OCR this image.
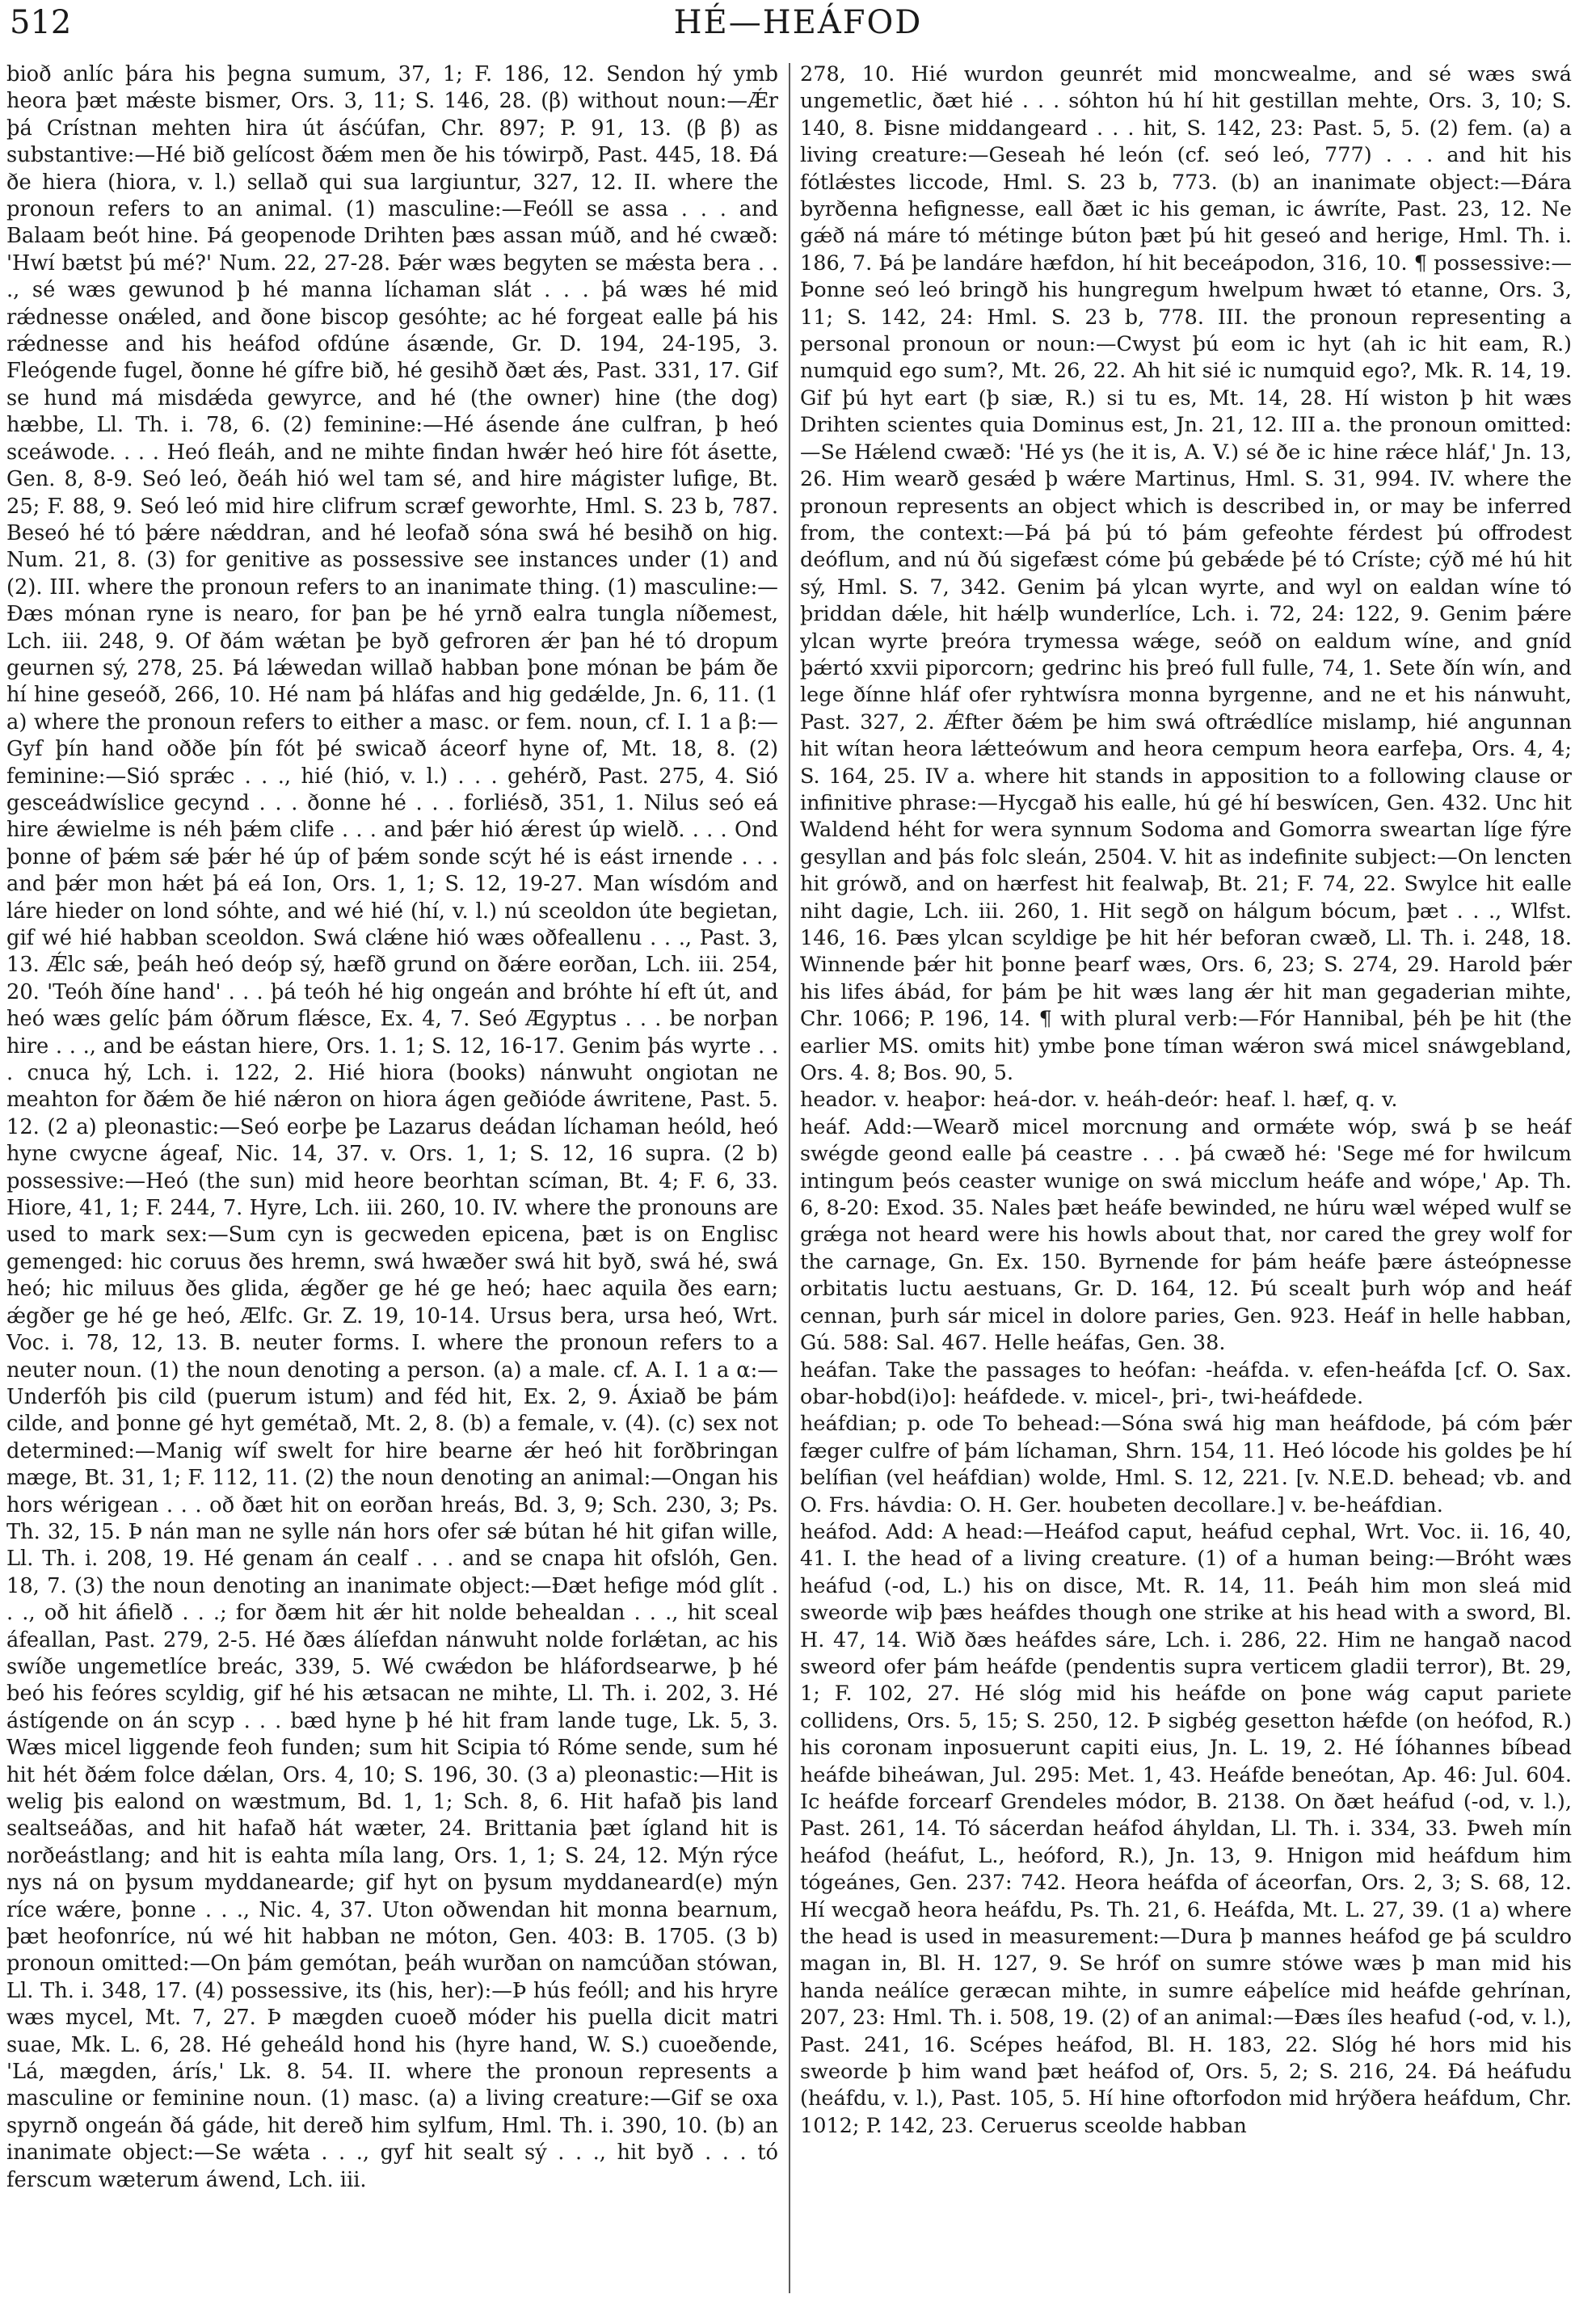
512	HÉ—HEÁFOD

bioð anlíc þára his þegna sumum, 37, 1; F. 186, 12. Sendon hý ymb heora þæt mǽste bismer, Ors. 3, 11; S. 146, 28. (β) without noun:—Ǽr þá Crístnan mehten hira út ásćúfan, Chr. 897; P. 91, 13. (β β) as substantive:—Hé bið gelícost ðǽm men ðe his tówirpð, Past. 445, 18. Ðá ðe hiera (hiora, v. l.) sellað qui sua largiuntur, 327, 12. II. where the pronoun refers to an animal. (1) masculine:—Feóll se assa . . . and Balaam beót hine. Þá geopenode Drihten þæs assan múð, and hé cwæð: 'Hwí bætst þú mé?' Num. 22, 27-28. Þǽr wæs begyten se mǽsta bera . . ., sé wæs gewunod þ hé manna líchaman slát . . . þá wæs hé mid rǽdnesse onǽled, and ðone biscop gesóhte; ac hé forgeat ealle þá his rǽdnesse and his heáfod ofdúne ásænde, Gr. D. 194, 24-195, 3. Fleógende fugel, ðonne hé gífre bið, hé gesihð ðæt ǽs, Past. 331, 17. Gif se hund má misdǽda gewyrce, and hé (the owner) hine (the dog) hæbbe, Ll. Th. i. 78, 6. (2) feminine:—Hé ásende áne culfran, þ heó sceáwode. . . . Heó fleáh, and ne mihte findan hwǽr heó hire fót ásette, Gen. 8, 8-9. Seó leó, ðeáh hió wel tam sé, and hire mágister lufige, Bt. 25; F. 88, 9. Seó leó mid hire clifrum scræf geworhte, Hml. S. 23 b, 787. Beseó hé tó þǽre nǽddran, and hé leofað sóna swá hé besihð on hig. Num. 21, 8. (3) for genitive as possessive see instances under (1) and (2). III. where the pronoun refers to an inanimate thing. (1) masculine:—Ðæs mónan ryne is nearo, for þan þe hé yrnð ealra tungla níðemest, Lch. iii. 248, 9. Of ðám wǽtan þe byð gefroren ǽr þan hé tó dropum geurnen sý, 278, 25. Þá lǽwedan willað habban þone mónan be þám ðe hí hine geseóð, 266, 10. Hé nam þá hláfas and hig gedǽlde, Jn. 6, 11. (1 a) where the pronoun refers to either a masc. or fem. noun, cf. I. 1 a β:—Gyf þín hand oððe þín fót þé swicað áceorf hyne of, Mt. 18, 8. (2) feminine:—Sió sprǽc . . ., hié (hió, v. l.) . . . gehérð, Past. 275, 4. Sió gesceádwíslice gecynd . . . ðonne hé . . . forliésð, 351, 1. Nilus seó eá hire ǽwielme is néh þǽm clife . . . and þǽr hió ǽrest úp wielð. . . . Ond þonne of þǽm sǽ þǽr hé úp of þǽm sonde scýt hé is eást irnende . . . and þǽr mon hǽt þá eá Ion, Ors. 1, 1; S. 12, 19-27. Man wísdóm and láre hieder on lond sóhte, and wé hié (hí, v. l.) nú sceoldon úte begietan, gif wé hié habban sceoldon. Swá clǽne hió wæs oðfeallenu . . ., Past. 3, 13. Ǽlc sǽ, þeáh heó deóp sý, hæfð grund on ðǽre eorðan, Lch. iii. 254, 20. 'Teóh ðíne hand' . . . þá teóh hé hig ongeán and bróhte hí eft út, and heó wæs gelíc þám óðrum flǽsce, Ex. 4, 7. Seó Ægyptus . . . be norþan hire . . ., and be eástan hiere, Ors. 1. 1; S. 12, 16-17. Genim þás wyrte . . . cnuca hý, Lch. i. 122, 2. Hié hiora (books) nánwuht ongiotan ne meahton for ðǽm ðe hié nǽron on hiora ágen geðióde áwritene, Past. 5. 12. (2 a) pleonastic:—Seó eorþe þe Lazarus deádan líchaman heóld, heó hyne cwycne ágeaf, Nic. 14, 37. v. Ors. 1, 1; S. 12, 16 supra. (2 b) possessive:—Heó (the sun) mid heore beorhtan scíman, Bt. 4; F. 6, 33. Hiore, 41, 1; F. 244, 7. Hyre, Lch. iii. 260, 10. IV. where the pronouns are used to mark sex:—Sum cyn is gecweden epicena, þæt is on Englisc gemenged: hic coruus ðes hremn, swá hwæðer swá hit byð, swá hé, swá heó; hic miluus ðes glida, ǽgðer ge hé ge heó; haec aquila ðes earn; ǽgðer ge hé ge heó, Ælfc. Gr. Z. 19, 10-14. Ursus bera, ursa heó, Wrt. Voc. i. 78, 12, 13. B. neuter forms. I. where the pronoun refers to a neuter noun. (1) the noun denoting a person. (a) a male. cf. A. I. 1 a α:—Underfóh þis cild (puerum istum) and féd hit, Ex. 2, 9. Áxiað be þám cilde, and þonne gé hyt gemétað, Mt. 2, 8. (b) a female, v. (4). (c) sex not determined:—Manig wíf swelt for hire bearne ǽr heó hit forðbringan mæge, Bt. 31, 1; F. 112, 11. (2) the noun denoting an animal:—Ongan his hors wérigean . . . oð ðæt hit on eorðan hreás, Bd. 3, 9; Sch. 230, 3; Ps. Th. 32, 15. Þ nán man ne sylle nán hors ofer sǽ bútan hé hit gifan wille, Ll. Th. i. 208, 19. Hé genam án cealf . . . and se cnapa hit ofslóh, Gen. 18, 7. (3) the noun denoting an inanimate object:—Ðæt hefige mód glít . . ., oð hit áfielð . . .; for ðæm hit ǽr hit nolde behealdan . . ., hit sceal áfeallan, Past. 279, 2-5. Hé ðæs álíefdan nánwuht nolde forlǽtan, ac his swíðe ungemetlíce breác, 339, 5. Wé cwǽdon be hláfordsearwe, þ hé beó his feóres scyldig, gif hé his ætsacan ne mihte, Ll. Th. i. 202, 3. Hé ástígende on án scyp . . . bæd hyne þ hé hit fram lande tuge, Lk. 5, 3. Wæs micel liggende feoh funden; sum hit Scipia tó Róme sende, sum hé hit hét ðǽm folce dǽlan, Ors. 4, 10; S. 196, 30. (3 a) pleonastic:—Hit is welig þis ealond on wæstmum, Bd. 1, 1; Sch. 8, 6. Hit hafað þis land sealtseáðas, and hit hafað hát wæter, 24. Brittania þæt ígland hit is norðeástlang; and hit is eahta míla lang, Ors. 1, 1; S. 24, 12. Mýn rýce nys ná on þysum myddanearde; gif hyt on þysum myddaneard(e) mýn ríce wǽre, þonne . . ., Nic. 4, 37. Uton oðwendan hit monna bearnum, þæt heofonríce, nú wé hit habban ne móton, Gen. 403: B. 1705. (3 b) pronoun omitted:—On þám gemótan, þeáh wurðan on namcúðan stówan, Ll. Th. i. 348, 17. (4) possessive, its (his, her):—Þ hús feóll; and his hryre wæs mycel, Mt. 7, 27. Þ mægden cuoeð móder his puella dicit matri suae, Mk. L. 6, 28. Hé geheáld hond his (hyre hand, W. S.) cuoeðende, 'Lá, mægden, árís,' Lk. 8. 54. II. where the pronoun represents a masculine or feminine noun. (1) masc. (a) a living creature:—Gif se oxa spyrnð ongeán ðá gáde, hit dereð him sylfum, Hml. Th. i. 390, 10. (b) an inanimate object:—Se wǽta . . ., gyf hit sealt sý . . ., hit byð . . . tó ferscum wæterum áwend, Lch. iii.

278, 10. Hié wurdon geunrét mid moncwealme, and sé wæs swá ungemetlic, ðæt hié . . . sóhton hú hí hit gestillan mehte, Ors. 3, 10; S. 140, 8. Þisne middangeard . . . hit, S. 142, 23: Past. 5, 5. (2) fem. (a) a living creature:—Geseah hé león (cf. seó leó, 777) . . . and hit his fótlǽstes liccode, Hml. S. 23 b, 773. (b) an inanimate object:—Ðára byrðenna hefignesse, eall ðæt ic his geman, ic áwríte, Past. 23, 12. Ne gǽð ná máre tó métinge búton þæt þú hit geseó and herige, Hml. Th. i. 186, 7. Þá þe landáre hæfdon, hí hit beceápodon, 316, 10. ¶ possessive:—Þonne seó leó bringð his hungregum hwelpum hwæt tó etanne, Ors. 3, 11; S. 142, 24: Hml. S. 23 b, 778. III. the pronoun representing a personal pronoun or noun:—Cwyst þú eom ic hyt (ah ic hit eam, R.) numquid ego sum?, Mt. 26, 22. Ah hit sié ic numquid ego?, Mk. R. 14, 19. Gif þú hyt eart (þ siæ, R.) si tu es, Mt. 14, 28. Hí wiston þ hit wæs Drihten scientes quia Dominus est, Jn. 21, 12. III a. the pronoun omitted:—Se Hǽlend cwæð: 'Hé ys (he it is, A. V.) sé ðe ic hine rǽce hláf,' Jn. 13, 26. Him wearð gesǽd þ wǽre Martinus, Hml. S. 31, 994. IV. where the pronoun represents an object which is described in, or may be inferred from, the context:—Þá þá þú tó þám gefeohte férdest þú offrodest deóflum, and nú ðú sigefæst cóme þú gebǽde þé tó Críste; cýð mé hú hit sý, Hml. S. 7, 342. Genim þá ylcan wyrte, and wyl on ealdan wíne tó þriddan dǽle, hit hǽlþ wunderlíce, Lch. i. 72, 24: 122, 9. Genim þǽre ylcan wyrte þreóra trymessa wǽge, seóð on ealdum wíne, and gníd þǽrtó xxvii piporcorn; gedrinc his þreó full fulle, 74, 1. Sete ðín wín, and lege ðínne hláf ofer ryhtwísra monna byrgenne, and ne et his nánwuht, Past. 327, 2. Ǽfter ðǽm þe him swá oftrǽdlíce mislamp, hié angunnan hit wítan heora lǽtteówum and heora cempum heora earfeþa, Ors. 4, 4; S. 164, 25. IV a. where hit stands in apposition to a following clause or infinitive phrase:—Hycgað his ealle, hú gé hí beswícen, Gen. 432. Unc hit Waldend héht for wera synnum Sodoma and Gomorra sweartan líge fýre gesyllan and þás folc sleán, 2504. V. hit as indefinite subject:—On lencten hit grówð, and on hærfest hit fealwaþ, Bt. 21; F. 74, 22. Swylce hit ealle niht dagie, Lch. iii. 260, 1. Hit segð on hálgum bócum, þæt . . ., Wlfst. 146, 16. Þæs ylcan scyldige þe hit hér beforan cwæð, Ll. Th. i. 248, 18. Winnende þǽr hit þonne þearf wæs, Ors. 6, 23; S. 274, 29. Harold þǽr his lifes ábád, for þám þe hit wæs lang ǽr hit man gegaderian mihte, Chr. 1066; P. 196, 14. ¶ with plural verb:—Fór Hannibal, þéh þe hit (the earlier MS. omits hit) ymbe þone tíman wǽron swá micel snáwgebland, Ors. 4. 8; Bos. 90, 5.

heador. v. heaþor: heá-dor. v. heáh-deór: heaf. l. hæf, q. v.

heáf. Add:—Wearð micel morcnung and ormǽte wóp, swá þ se heáf swégde geond ealle þá ceastre . . . þá cwæð hé: 'Sege mé for hwilcum intingum þeós ceaster wunige on swá micclum heáfe and wópe,' Ap. Th. 6, 8-20: Exod. 35. Nales þæt heáfe bewinded, ne húru wæl wéped wulf se grǽga not heard were his howls about that, nor cared the grey wolf for the carnage, Gn. Ex. 150. Byrnende for þám heáfe þære ásteópnesse orbitatis luctu aestuans, Gr. D. 164, 12. Þú scealt þurh wóp and heáf cennan, þurh sár micel in dolore paries, Gen. 923. Heáf in helle habban, Gú. 588: Sal. 467. Helle heáfas, Gen. 38.

heáfan. Take the passages to heófan: -heáfda. v. efen-heáfda [cf. O. Sax. obar-hobd(i)o]: heáfdede. v. micel-, þri-, twi-heáfdede.

heáfdian; p. ode To behead:—Sóna swá hig man heáfdode, þá cóm þǽr fæger culfre of þám líchaman, Shrn. 154, 11. Heó lócode his goldes þe hí belífian (vel heáfdian) wolde, Hml. S. 12, 221. [v. N.E.D. behead; vb. and O. Frs. hávdia: O. H. Ger. houbeten decollare.] v. be-heáfdian.

heáfod. Add: A head:—Heáfod caput, heáfud cephal, Wrt. Voc. ii. 16, 40, 41. I. the head of a living creature. (1) of a human being:—Bróht wæs heáfud (-od, L.) his on disce, Mt. R. 14, 11. Þeáh him mon sleá mid sweorde wiþ þæs heáfdes though one strike at his head with a sword, Bl. H. 47, 14. Wið ðæs heáfdes sáre, Lch. i. 286, 22. Him ne hangað nacod sweord ofer þám heáfde (pendentis supra verticem gladii terror), Bt. 29, 1; F. 102, 27. Hé slóg mid his heáfde on þone wág caput pariete collidens, Ors. 5, 15; S. 250, 12. Þ sigbég gesetton hǽfde (on heófod, R.) his coronam inposuerunt capiti eius, Jn. L. 19, 2. Hé Íóhannes bíbead heáfde biheáwan, Jul. 295: Met. 1, 43. Heáfde beneótan, Ap. 46: Jul. 604. Ic heáfde forcearf Grendeles módor, B. 2138. On ðæt heáfud (-od, v. l.), Past. 261, 14. Tó sácerdan heáfod áhyldan, Ll. Th. i. 334, 33. Þweh mín heáfod (heáfut, L., heóford, R.), Jn. 13, 9. Hnigon mid heáfdum him tógeánes, Gen. 237: 742. Heora heáfda of áceorfan, Ors. 2, 3; S. 68, 12. Hí wecgað heora heáfdu, Ps. Th. 21, 6. Heáfda, Mt. L. 27, 39. (1 a) where the head is used in measurement:—Dura þ mannes heáfod ge þá sculdro magan in, Bl. H. 127, 9. Se hróf on sumre stówe wæs þ man mid his handa neálíce geræcan mihte, in sumre eáþelíce mid heáfde gehrínan, 207, 23: Hml. Th. i. 508, 19. (2) of an animal:—Ðæs íles heafud (-od, v. l.), Past. 241, 16. Scépes heáfod, Bl. H. 183, 22. Slóg hé hors mid his sweorde þ him wand þæt heáfod of, Ors. 5, 2; S. 216, 24. Ðá heáfudu (heáfdu, v. l.), Past. 105, 5. Hí hine oftorfodon mid hrýðera heáfdum, Chr. 1012; P. 142, 23. Ceruerus sceolde habban
